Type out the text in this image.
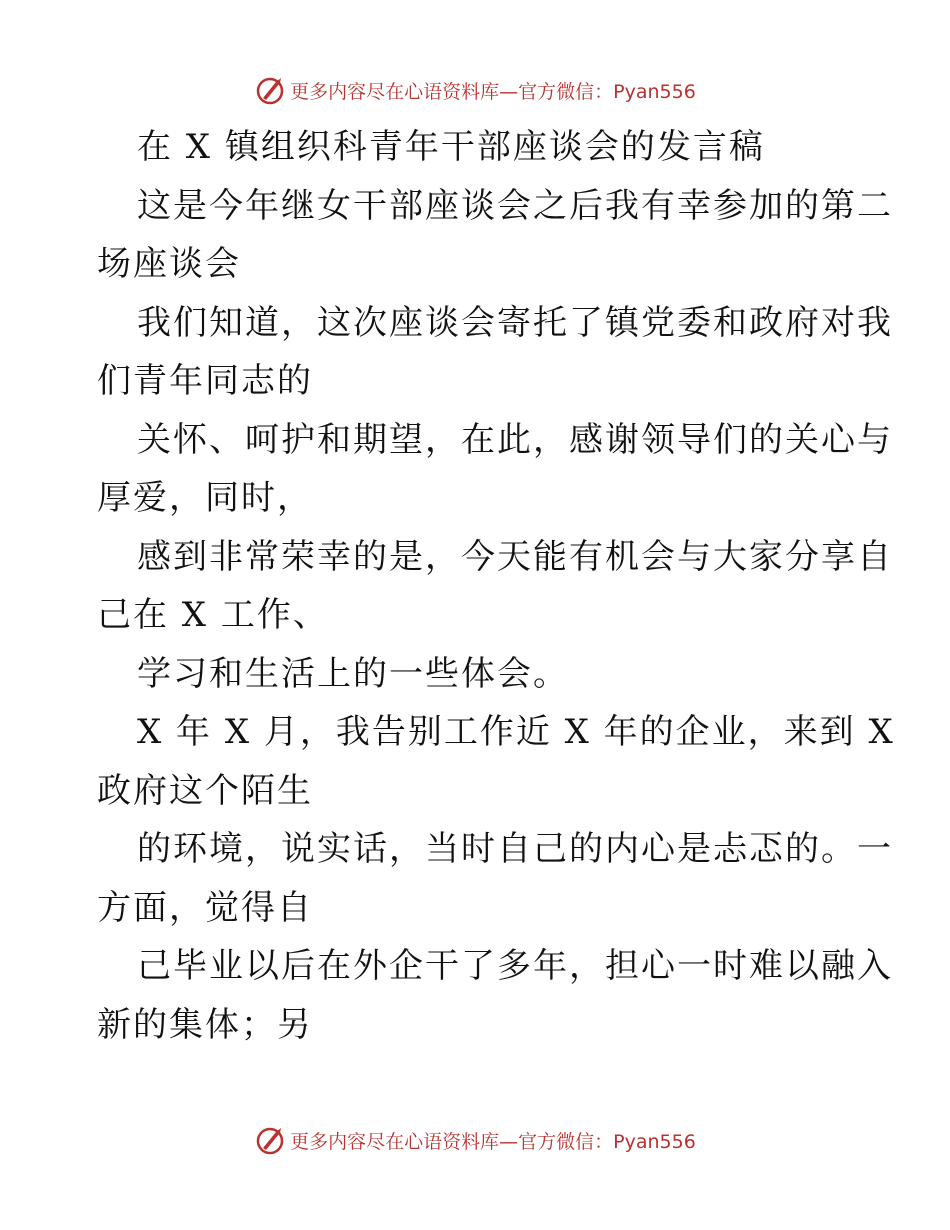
更多内容尽在心语资料库—官方微信：Pyan556
在 X 镇组织科青年干部座谈会的发言稿
这是今年继女干部座谈会之后我有幸参加的第二
场座谈会
我们知道，这次座谈会寄托了镇党委和政府对我
们青年同志的
关怀、呵护和期望，在此，感谢领导们的关心与
厚爱，同时，
感到非常荣幸的是，今天能有机会与大家分享自
己在 X 工作、
学习和生活上的一些体会。
X 年 X 月，我告别工作近 X 年的企业，来到 X
政府这个陌生
的环境，说实话，当时自己的内心是忐忑的。一
方面，觉得自
己毕业以后在外企干了多年，担心一时难以融入
新的集体；另
更多内容尽在心语资料库—官方微信：Pyan556
